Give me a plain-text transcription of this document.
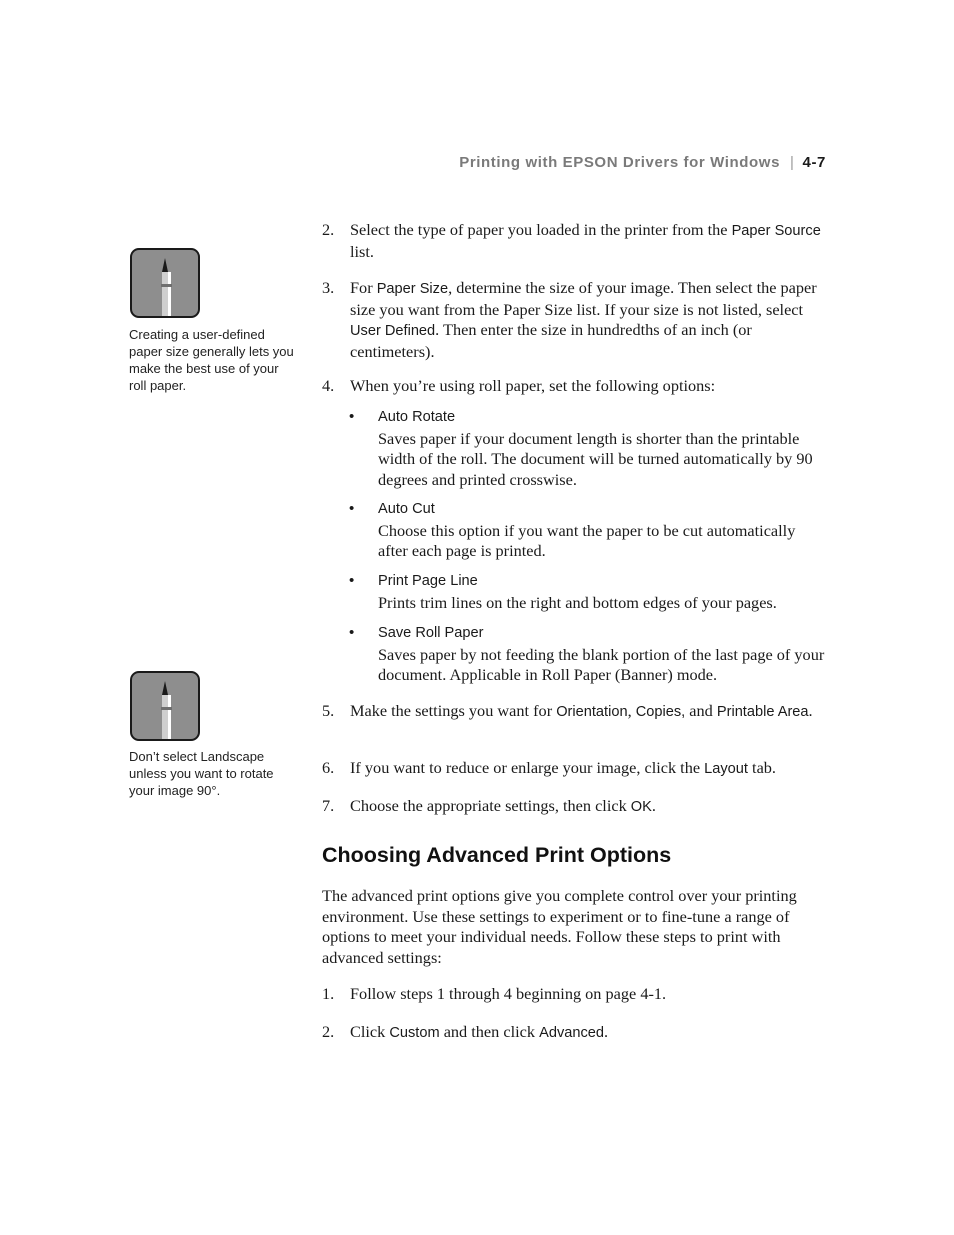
Printing with EPSON Drivers for Windows | 4-7
Creating a user-defined paper size generally lets you make the best use of your roll paper.
Don’t select Landscape unless you want to rotate your image 90°.
2. Select the type of paper you loaded in the printer from the Paper Source list.
3. For Paper Size, determine the size of your image. Then select the paper size you want from the Paper Size list. If your size is not listed, select User Defined. Then enter the size in hundredths of an inch (or centimeters).
4. When you’re using roll paper, set the following options:
• Auto Rotate
Saves paper if your document length is shorter than the printable width of the roll. The document will be turned automatically by 90 degrees and printed crosswise.
• Auto Cut
Choose this option if you want the paper to be cut automatically after each page is printed.
• Print Page Line
Prints trim lines on the right and bottom edges of your pages.
• Save Roll Paper
Saves paper by not feeding the blank portion of the last page of your document. Applicable in Roll Paper (Banner) mode.
5. Make the settings you want for Orientation, Copies, and Printable Area.
6. If you want to reduce or enlarge your image, click the Layout tab.
7. Choose the appropriate settings, then click OK.
Choosing Advanced Print Options
The advanced print options give you complete control over your printing environment. Use these settings to experiment or to fine-tune a range of options to meet your individual needs. Follow these steps to print with advanced settings:
1. Follow steps 1 through 4 beginning on page 4-1.
2. Click Custom and then click Advanced.
